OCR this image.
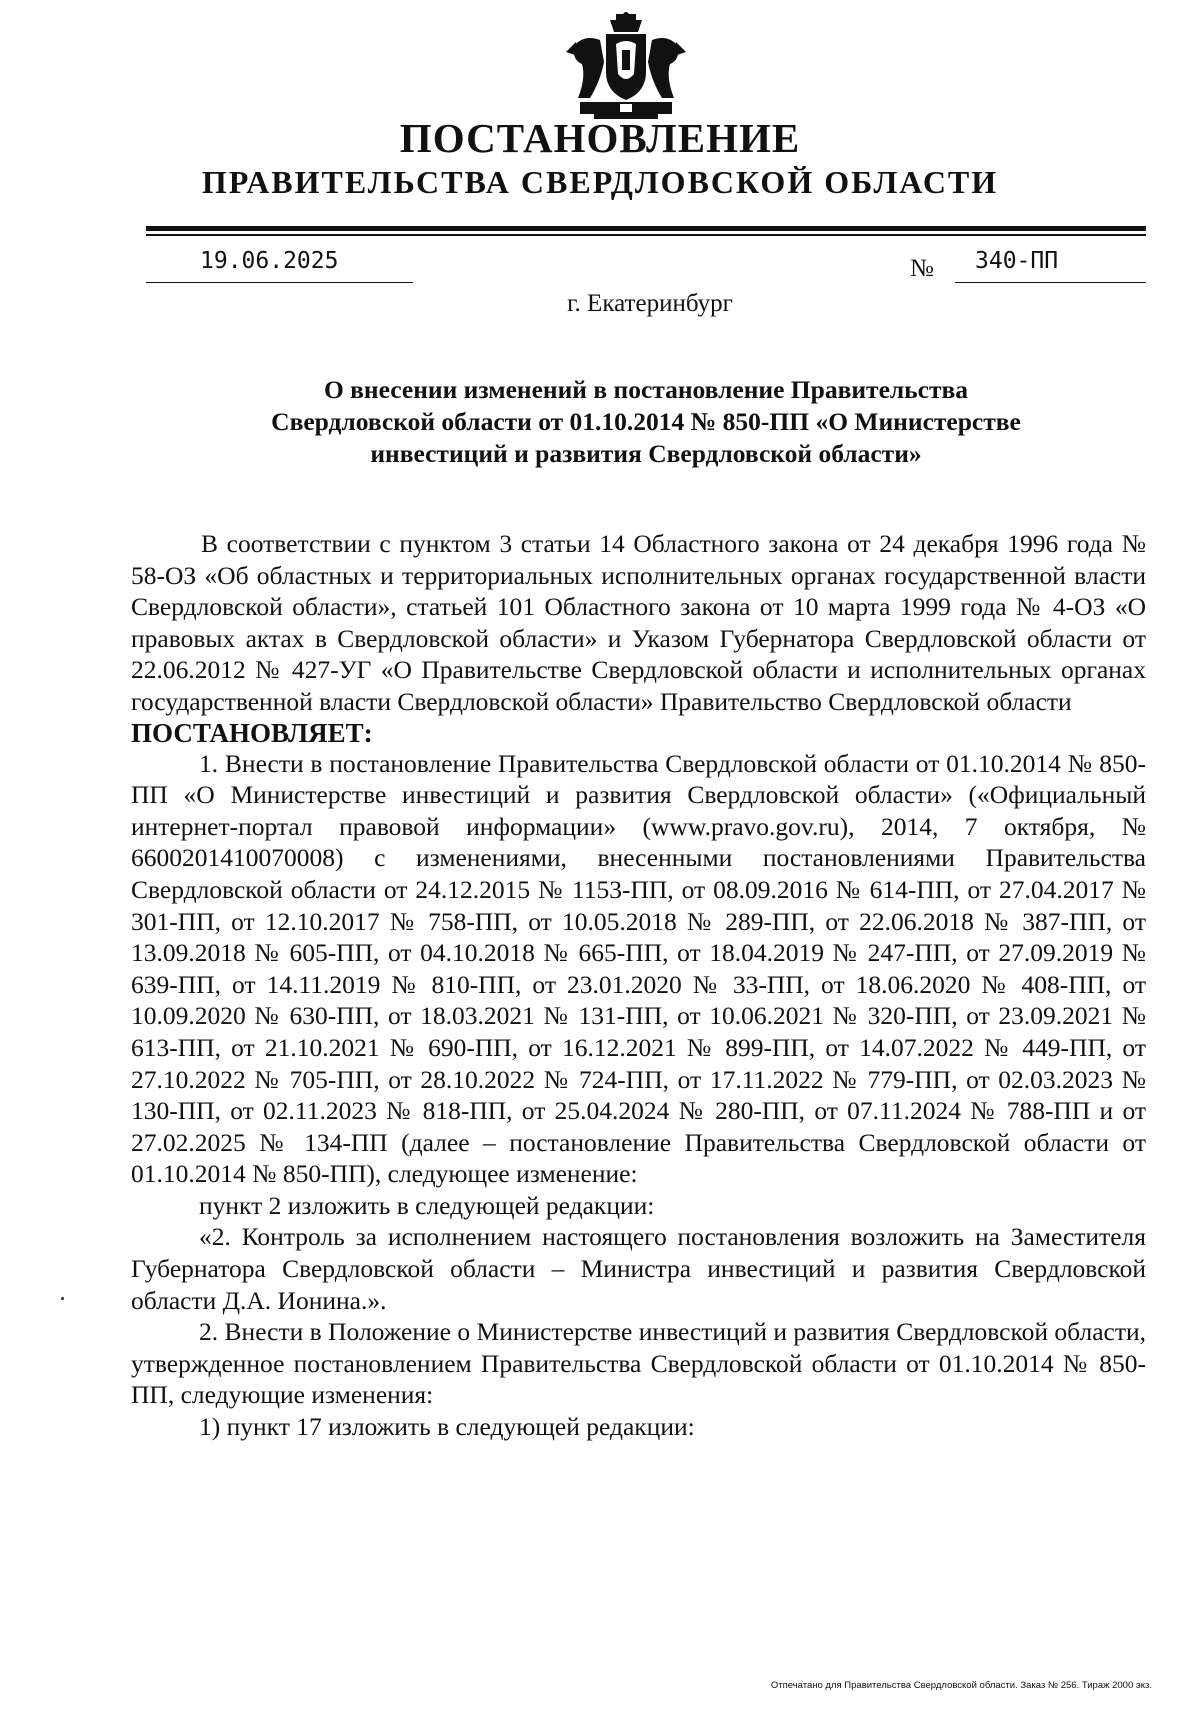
ПОСТАНОВЛЕНИЕ
ПРАВИТЕЛЬСТВА СВЕРДЛОВСКОЙ ОБЛАСТИ
19.06.2025	№ 340-ПП
г. Екатеринбург
О внесении изменений в постановление Правительства
Свердловской области от 01.10.2014 № 850-ПП «О Министерстве
инвестиций и развития Свердловской области»

В соответствии с пунктом 3 статьи 14 Областного закона от 24 декабря 1996 года № 58-ОЗ «Об областных и территориальных исполнительных органах государственной власти Свердловской области», статьей 101 Областного закона от 10 марта 1999 года № 4-ОЗ «О правовых актах в Свердловской области» и Указом Губернатора Свердловской области от 22.06.2012 № 427-УГ «О Правительстве Свердловской области и исполнительных органах государственной власти Свердловской области» Правительство Свердловской области

ПОСТАНОВЛЯЕТ:

1. Внести в постановление Правительства Свердловской области от 01.10.2014 № 850-ПП «О Министерстве инвестиций и развития Свердловской области» («Официальный интернет-портал правовой информации» (www.pravo.gov.ru), 2014, 7 октября, № 6600201410070008) с изменениями, внесенными постановлениями Правительства Свердловской области от 24.12.2015 № 1153-ПП, от 08.09.2016 № 614-ПП, от 27.04.2017 № 301-ПП, от 12.10.2017 № 758-ПП, от 10.05.2018 № 289-ПП, от 22.06.2018 № 387-ПП, от 13.09.2018 № 605-ПП, от 04.10.2018 № 665-ПП, от 18.04.2019 № 247-ПП, от 27.09.2019 № 639-ПП, от 14.11.2019 № 810-ПП, от 23.01.2020 № 33-ПП, от 18.06.2020 № 408-ПП, от 10.09.2020 № 630-ПП, от 18.03.2021 № 131-ПП, от 10.06.2021 № 320-ПП, от 23.09.2021 № 613-ПП, от 21.10.2021 № 690-ПП, от 16.12.2021 № 899-ПП, от 14.07.2022 № 449-ПП, от 27.10.2022 № 705-ПП, от 28.10.2022 № 724-ПП, от 17.11.2022 № 779-ПП, от 02.03.2023 № 130-ПП, от 02.11.2023 № 818-ПП, от 25.04.2024 № 280-ПП, от 07.11.2024 № 788-ПП и от 27.02.2025 № 134-ПП (далее – постановление Правительства Свердловской области от 01.10.2014 № 850-ПП), следующее изменение:

пункт 2 изложить в следующей редакции:

«2. Контроль за исполнением настоящего постановления возложить на Заместителя Губернатора Свердловской области – Министра инвестиций и развития Свердловской области Д.А. Ионина.».

2. Внести в Положение о Министерстве инвестиций и развития Свердловской области, утвержденное постановлением Правительства Свердловской области от 01.10.2014 № 850-ПП, следующие изменения:

1) пункт 17 изложить в следующей редакции:

Отпечатано для Правительства Свердловской области. Заказ № 256. Тираж 2000 экз.
